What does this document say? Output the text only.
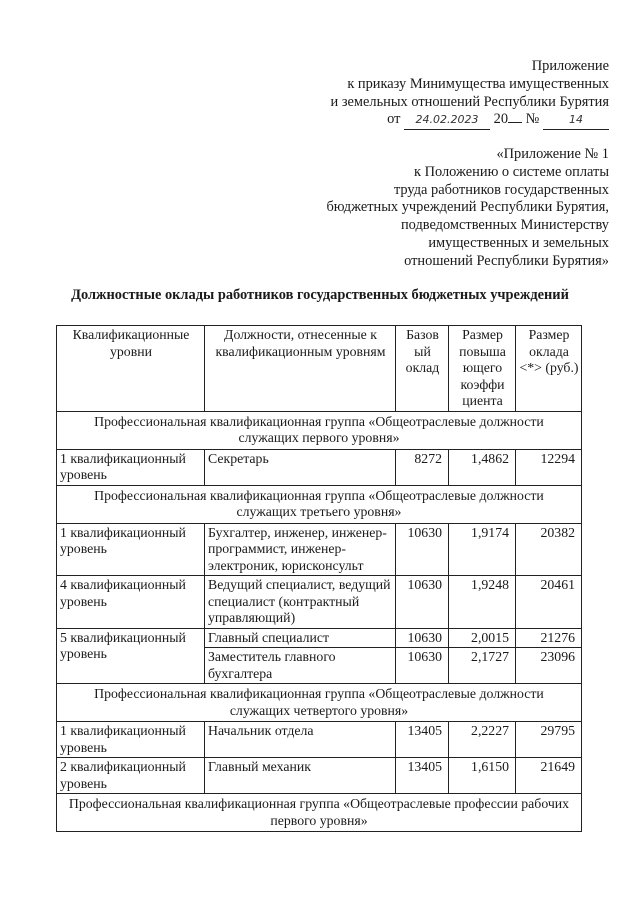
Приложение
к приказу Минимущества имущественных
и земельных отношений Республики Бурятия
от 24.02.2023 20 №	14
«Приложение № 1
к Положению о системе оплаты
труда работников государственных
бюджетных учреждений Республики Бурятия,
подведомственных Министерству
имущественных и земельных
отношений Республики Бурятия»
Должностные оклады работников государственных бюджетных учреждений
Квалификационные уровни	Должности, отнесенные к квалификационным уровням	Базов ый оклад	Размер повыша ющего коэффи циента	Размер оклада <*> (руб.)
Профессиональная квалификационная группа «Общеотраслевые должности служащих первого уровня»				
1 квалификационный уровень	Секретарь	8272	1,4862	12294
Профессиональная квалификационная группа «Общеотраслевые должности служащих третьего уровня»				
1 квалификационный уровень	Бухгалтер, инженер, инженер-программист, инженер-электроник, юрисконсульт	10630	1,9174	20382
4 квалификационный уровень	Ведущий специалист, ведущий специалист (контрактный управляющий)	10630	1,9248	20461
5 квалификационный уровень	Главный специалист	10630	2,0015	21276
	Заместитель главного бухгалтера	10630	2,1727	23096
Профессиональная квалификационная группа «Общеотраслевые должности служащих четвертого уровня»				
1 квалификационный уровень	Начальник отдела	13405	2,2227	29795
2 квалификационный уровень	Главный механик	13405	1,6150	21649
Профессиональная квалификационная группа «Общеотраслевые профессии рабочих первого уровня»				
